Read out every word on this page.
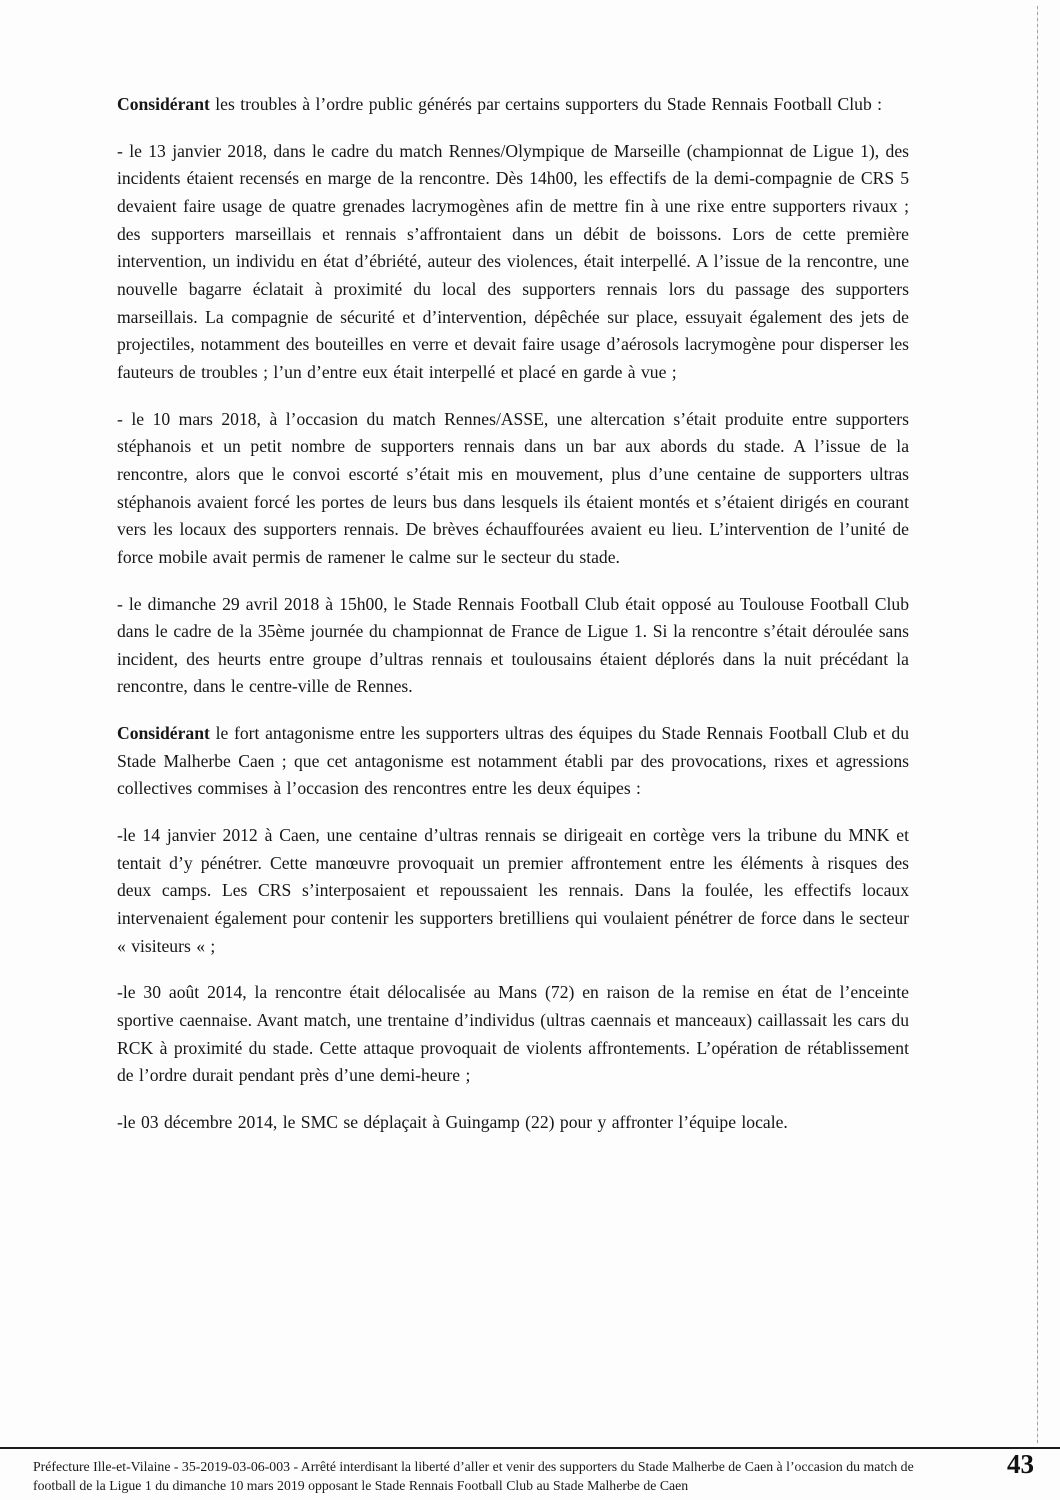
Considérant les troubles à l’ordre public générés par certains supporters du Stade Rennais Football Club :

- le 13 janvier 2018, dans le cadre du match Rennes/Olympique de Marseille (championnat de Ligue 1), des incidents étaient recensés en marge de la rencontre. Dès 14h00, les effectifs de la demi-compagnie de CRS 5 devaient faire usage de quatre grenades lacrymogènes afin de mettre fin à une rixe entre supporters rivaux ; des supporters marseillais et rennais s’affrontaient dans un débit de boissons. Lors de cette première intervention, un individu en état d’ébriété, auteur des violences, était interpellé. A l’issue de la rencontre, une nouvelle bagarre éclatait à proximité du local des supporters rennais lors du passage des supporters marseillais. La compagnie de sécurité et d’intervention, dépêchée sur place, essuyait également des jets de projectiles, notamment des bouteilles en verre et devait faire usage d’aérosols lacrymogène pour disperser les fauteurs de troubles ; l’un d’entre eux était interpellé et placé en garde à vue ;

- le 10 mars 2018, à l’occasion du match Rennes/ASSE, une altercation s’était produite entre supporters stéphanois et un petit nombre de supporters rennais dans un bar aux abords du stade. A l’issue de la rencontre, alors que le convoi escorté s’était mis en mouvement, plus d’une centaine de supporters ultras stéphanois avaient forcé les portes de leurs bus dans lesquels ils étaient montés et s’étaient dirigés en courant vers les locaux des supporters rennais. De brèves échauffourées avaient eu lieu. L’intervention de l’unité de force mobile avait permis de ramener le calme sur le secteur du stade.

- le dimanche 29 avril 2018 à 15h00, le Stade Rennais Football Club était opposé au Toulouse Football Club dans le cadre de la 35ème journée du championnat de France de Ligue 1. Si la rencontre s’était déroulée sans incident, des heurts entre groupe d’ultras rennais et toulousains étaient déplorés dans la nuit précédant la rencontre, dans le centre-ville de Rennes.

Considérant le fort antagonisme entre les supporters ultras des équipes du Stade Rennais Football Club et du Stade Malherbe Caen ; que cet antagonisme est notamment établi par des provocations, rixes et agressions collectives commises à l’occasion des rencontres entre les deux équipes :

-le 14 janvier 2012 à Caen, une centaine d’ultras rennais se dirigeait en cortège vers la tribune du MNK et tentait d’y pénétrer. Cette manœuvre provoquait un premier affrontement entre les éléments à risques des deux camps. Les CRS s’interposaient et repoussaient les rennais. Dans la foulée, les effectifs locaux intervenaient également pour contenir les supporters bretilliens qui voulaient pénétrer de force dans le secteur « visiteurs « ;

-le 30 août 2014, la rencontre était délocalisée au Mans (72) en raison de la remise en état de l’enceinte sportive caennaise. Avant match, une trentaine d’individus (ultras caennais et manceaux) caillassait les cars du RCK à proximité du stade. Cette attaque provoquait de violents affrontements. L’opération de rétablissement de l’ordre durait pendant près d’une demi-heure ;

-le 03 décembre 2014, le SMC se déplaçait à Guingamp (22) pour y affronter l’équipe locale.

Préfecture Ille-et-Vilaine - 35-2019-03-06-003 - Arrêté interdisant la liberté d’aller et venir des supporters du Stade Malherbe de Caen à l’occasion du match de football de la Ligue 1 du dimanche 10 mars 2019 opposant le Stade Rennais Football Club au Stade Malherbe de Caen
43
